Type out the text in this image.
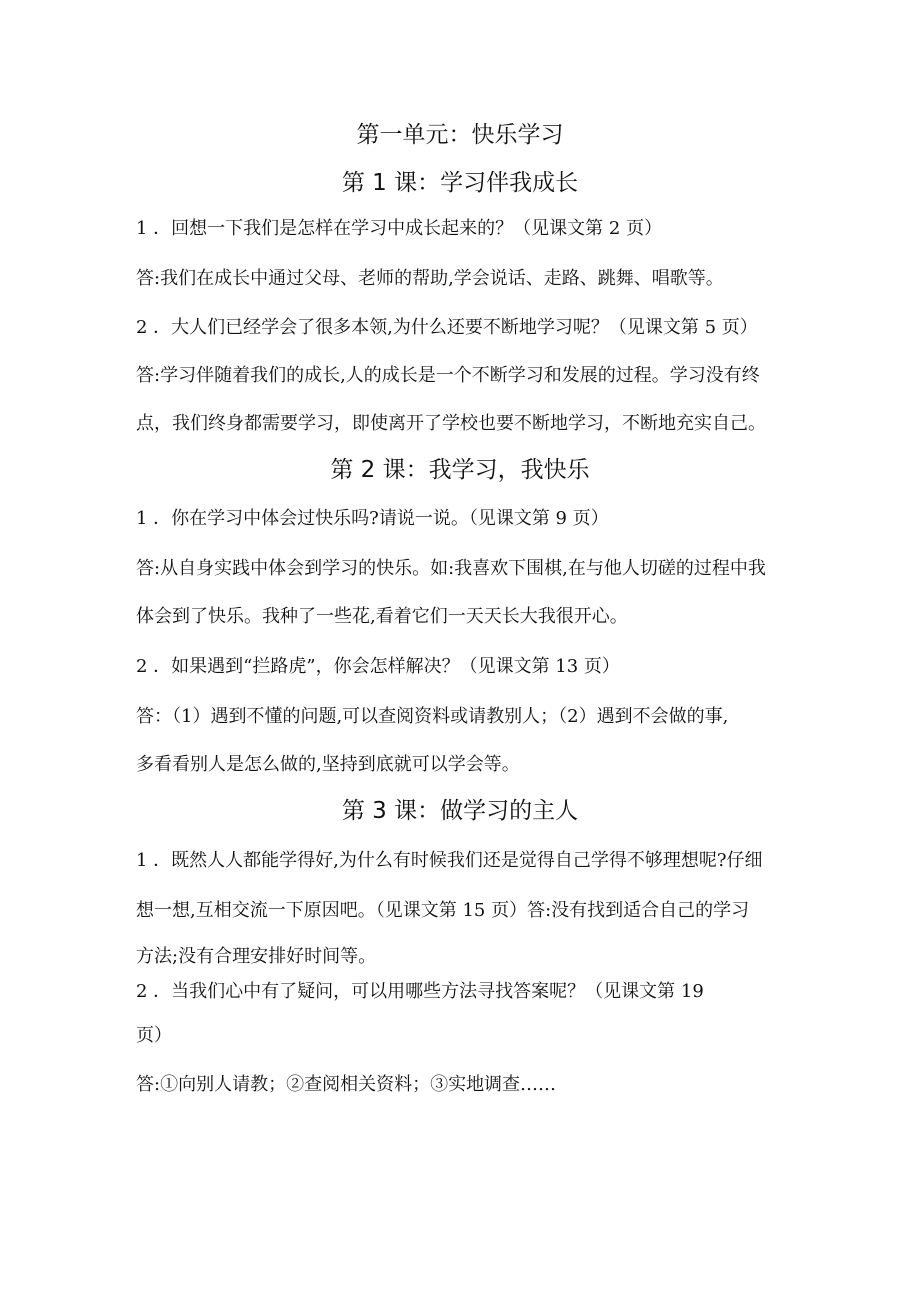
第一单元：快乐学习
第 1 课：学习伴我成长
1 ．回想一下我们是怎样在学习中成长起来的？（见课文第 2 页）
答:我们在成长中通过父母、老师的帮助,学会说话、走路、跳舞、唱歌等。
2 ．大人们已经学会了很多本领,为什么还要不断地学习呢？（见课文第 5 页）
答:学习伴随着我们的成长,人的成长是一个不断学习和发展的过程。学习没有终
点，我们终身都需要学习，即使离开了学校也要不断地学习，不断地充实自己。
第 2 课：我学习，我快乐
1 ．你在学习中体会过快乐吗?请说一说。（见课文第 9 页）
答:从自身实践中体会到学习的快乐。如:我喜欢下围棋,在与他人切磋的过程中我
体会到了快乐。我种了一些花,看着它们一天天长大我很开心。
2 ．如果遇到“拦路虎”，你会怎样解决？（见课文第 13 页）
答：（1）遇到不懂的问题,可以查阅资料或请教别人；（2）遇到不会做的事,
多看看别人是怎么做的,坚持到底就可以学会等。
第 3 课：做学习的主人
1 ．既然人人都能学得好,为什么有时候我们还是觉得自己学得不够理想呢?仔细
想一想,互相交流一下原因吧。（见课文第 15 页）答:没有找到适合自己的学习
方法;没有合理安排好时间等。
2 ．当我们心中有了疑问，可以用哪些方法寻找答案呢？（见课文第 19
页）
答:①向别人请教；②查阅相关资料；③实地调查……
